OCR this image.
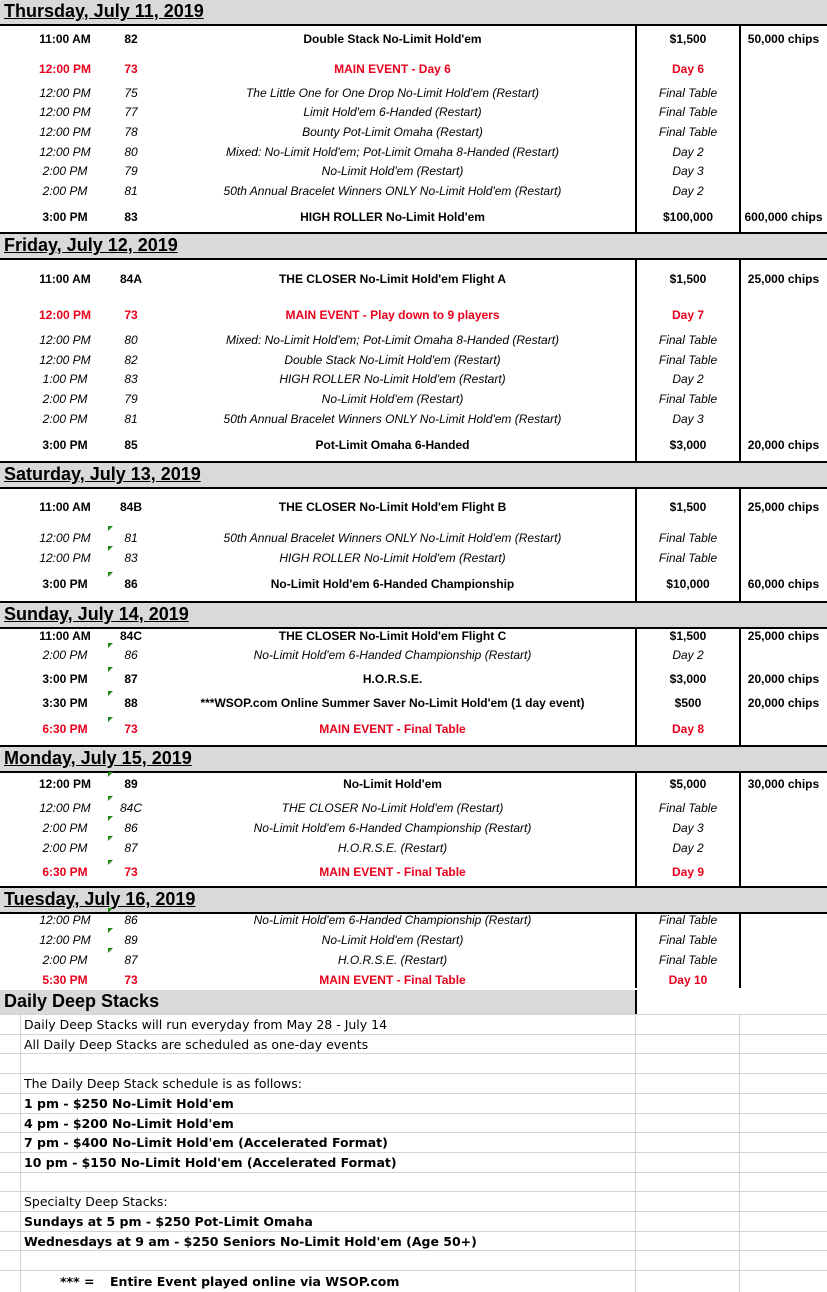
Thursday, July 11, 2019
11:00 AM	82	Double Stack No-Limit Hold'em	$1,500	50,000 chips
12:00 PM	73	MAIN EVENT - Day 6	Day 6
12:00 PM	75	The Little One for One Drop No-Limit Hold'em (Restart)	Final Table
12:00 PM	77	Limit Hold'em 6-Handed (Restart)	Final Table
12:00 PM	78	Bounty Pot-Limit Omaha (Restart)	Final Table
12:00 PM	80	Mixed: No-Limit Hold'em; Pot-Limit Omaha 8-Handed (Restart)	Day 2
2:00 PM	79	No-Limit Hold'em (Restart)	Day 3
2:00 PM	81	50th Annual Bracelet Winners ONLY No-Limit Hold'em (Restart)	Day 2
3:00 PM	83	HIGH ROLLER No-Limit Hold'em	$100,000	600,000 chips
Friday, July 12, 2019
11:00 AM	84A	THE CLOSER No-Limit Hold'em Flight A	$1,500	25,000 chips
12:00 PM	73	MAIN EVENT - Play down to 9 players	Day 7
12:00 PM	80	Mixed: No-Limit Hold'em; Pot-Limit Omaha 8-Handed (Restart)	Final Table
12:00 PM	82	Double Stack No-Limit Hold'em (Restart)	Final Table
1:00 PM	83	HIGH ROLLER No-Limit Hold'em (Restart)	Day 2
2:00 PM	79	No-Limit Hold'em (Restart)	Final Table
2:00 PM	81	50th Annual Bracelet Winners ONLY No-Limit Hold'em (Restart)	Day 3
3:00 PM	85	Pot-Limit Omaha 6-Handed	$3,000	20,000 chips
Saturday, July 13, 2019
11:00 AM	84B	THE CLOSER No-Limit Hold'em Flight B	$1,500	25,000 chips
12:00 PM	81	50th Annual Bracelet Winners ONLY No-Limit Hold'em (Restart)	Final Table
12:00 PM	83	HIGH ROLLER No-Limit Hold'em (Restart)	Final Table
3:00 PM	86	No-Limit Hold'em 6-Handed Championship	$10,000	60,000 chips
Sunday, July 14, 2019
11:00 AM	84C	THE CLOSER No-Limit Hold'em Flight C	$1,500	25,000 chips
2:00 PM	86	No-Limit Hold'em 6-Handed Championship (Restart)	Day 2
3:00 PM	87	H.O.R.S.E.	$3,000	20,000 chips
3:30 PM	88	***WSOP.com Online Summer Saver No-Limit Hold'em (1 day event)	$500	20,000 chips
6:30 PM	73	MAIN EVENT - Final Table	Day 8
Monday, July 15, 2019
12:00 PM	89	No-Limit Hold'em	$5,000	30,000 chips
12:00 PM	84C	THE CLOSER No-Limit Hold'em (Restart)	Final Table
2:00 PM	86	No-Limit Hold'em 6-Handed Championship (Restart)	Day 3
2:00 PM	87	H.O.R.S.E. (Restart)	Day 2
6:30 PM	73	MAIN EVENT - Final Table	Day 9
Tuesday, July 16, 2019
12:00 PM	86	No-Limit Hold'em 6-Handed Championship (Restart)	Final Table
12:00 PM	89	No-Limit Hold'em (Restart)	Final Table
2:00 PM	87	H.O.R.S.E. (Restart)	Final Table
5:30 PM	73	MAIN EVENT - Final Table	Day 10
Daily Deep Stacks
Daily Deep Stacks will run everyday from May 28 - July 14
All Daily Deep Stacks are scheduled as one-day events
The Daily Deep Stack schedule is as follows:
1 pm - $250 No-Limit Hold'em
4 pm - $200 No-Limit Hold'em
7 pm - $400 No-Limit Hold'em (Accelerated Format)
10 pm - $150 No-Limit Hold'em (Accelerated Format)
Specialty Deep Stacks:
Sundays at 5 pm - $250 Pot-Limit Omaha
Wednesdays at 9 am - $250 Seniors No-Limit Hold'em (Age 50+)
*** = Entire Event played online via WSOP.com
